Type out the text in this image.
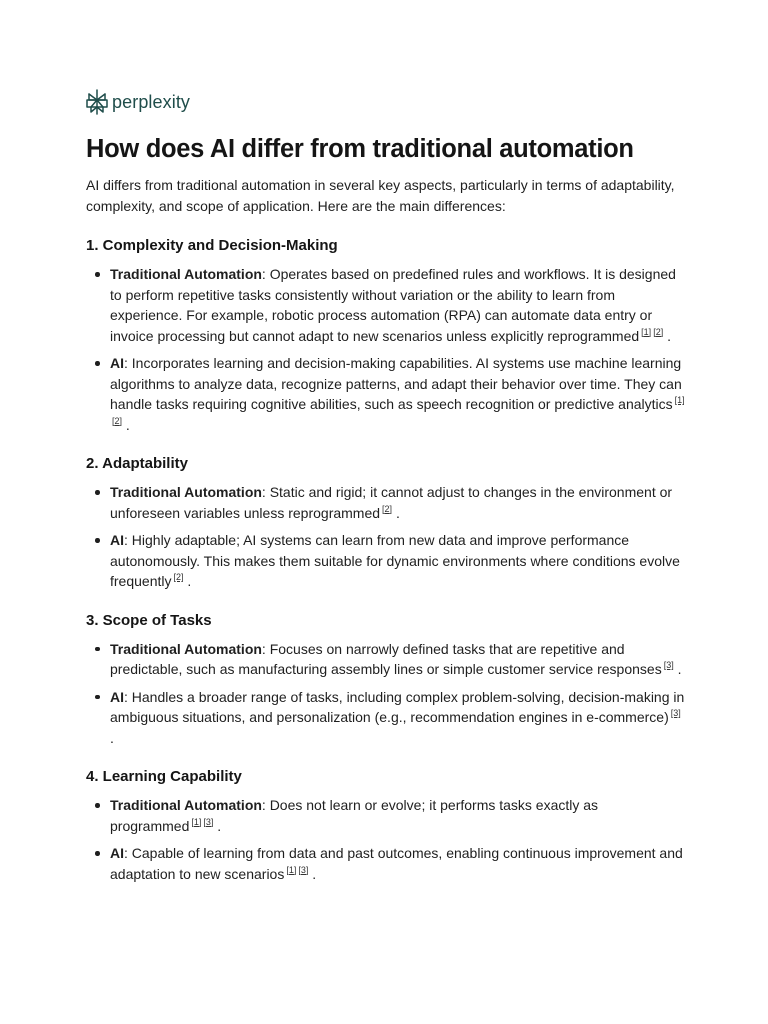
perplexity
How does AI differ from traditional automation

AI differs from traditional automation in several key aspects, particularly in terms of adaptability, complexity, and scope of application. Here are the main differences:

1. Complexity and Decision-Making
Traditional Automation: Operates based on predefined rules and workflows. It is designed to perform repetitive tasks consistently without variation or the ability to learn from experience. For example, robotic process automation (RPA) can automate data entry or invoice processing but cannot adapt to new scenarios unless explicitly reprogrammed [1] [2] .
AI: Incorporates learning and decision-making capabilities. AI systems use machine learning algorithms to analyze data, recognize patterns, and adapt their behavior over time. They can handle tasks requiring cognitive abilities, such as speech recognition or predictive analytics [1][2] .
2. Adaptability
Traditional Automation: Static and rigid; it cannot adjust to changes in the environment or unforeseen variables unless reprogrammed [2] .
AI: Highly adaptable; AI systems can learn from new data and improve performance autonomously. This makes them suitable for dynamic environments where conditions evolve frequently [2] .
3. Scope of Tasks
Traditional Automation: Focuses on narrowly defined tasks that are repetitive and predictable, such as manufacturing assembly lines or simple customer service responses [3] .
AI: Handles a broader range of tasks, including complex problem-solving, decision-making in ambiguous situations, and personalization (e.g., recommendation engines in e-commerce) [3] .
4. Learning Capability
Traditional Automation: Does not learn or evolve; it performs tasks exactly as programmed [1] [3] .
AI: Capable of learning from data and past outcomes, enabling continuous improvement and adaptation to new scenarios [1] [3] .
